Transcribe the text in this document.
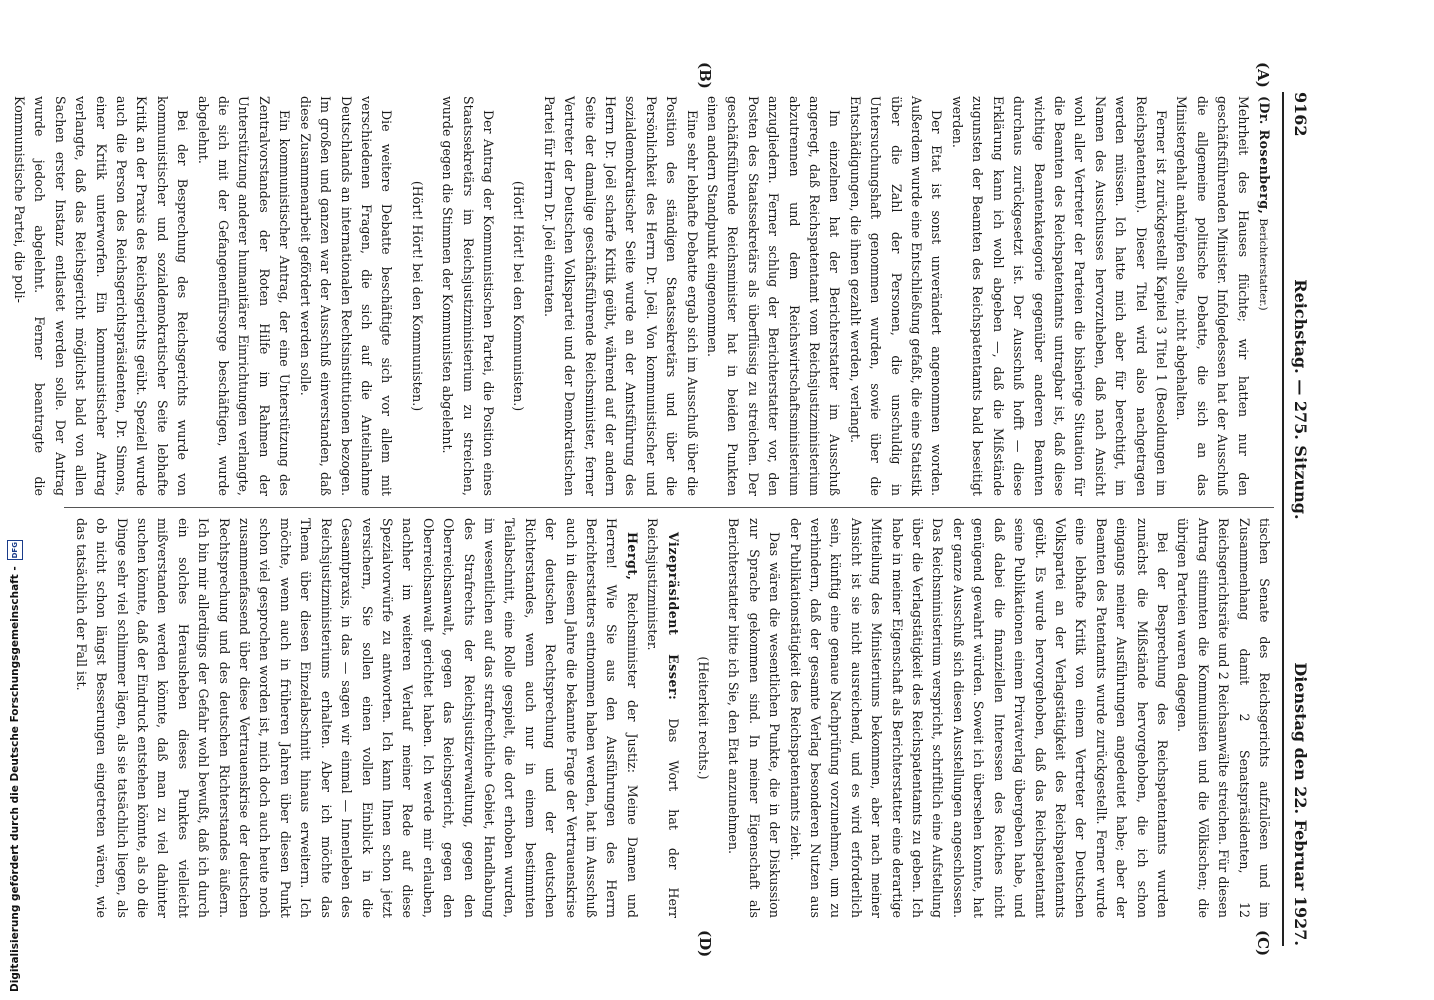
9162
Reichstag. — 275. Sitzung.
Dienstag den 22. Februar 1927.
(A)
(B)
(C)
(D)

(Dr. Rosenberg, Berichterstatter.)

Mehrheit des Hauses flüchte; wir hatten nur den geschäftsführenden Minister. Infolgedessen hat der Ausschuß die allgemeine politische Debatte, die sich an das Ministergehalt anknüpfen sollte, nicht abgehalten.

Ferner ist zurückgestellt Kapitel 3 Titel 1 (Besoldungen im Reichspatentamt). Dieser Titel wird also nachgetragen werden müssen. Ich hatte mich aber für berechtigt, im Namen des Ausschusses hervorzuheben, daß nach Ansicht wohl aller Vertreter der Parteien die bisherige Situation für die Beamten des Reichspatentamts untragbar ist, daß diese wichtige Beamtenkategorie gegenüber anderen Beamten durchaus zurückgesetzt ist. Der Ausschuß hofft — diese Erklärung kann ich wohl abgeben —, daß die Mißstände zugunsten der Beamten des Reichspatentamts bald beseitigt werden.

Der Etat ist sonst unverändert angenommen worden. Außerdem wurde eine Entschließung gefaßt, die eine Statistik über die Zahl der Personen, die unschuldig in Untersuchungshaft genommen wurden, sowie über die Entschädigungen, die ihnen gezahlt werden, verlangt.

Im einzelnen hat der Berichterstatter im Ausschuß angeregt, daß Reichspatentamt vom Reichsjustizministerium abzutrennen und dem Reichswirtschaftsministerium anzugliedern. Ferner schlug der Berichterstatter vor, den Posten des Staatssekretärs als überflüssig zu streichen. Der geschäftsführende Reichsminister hat in beiden Punkten einen andern Standpunkt eingenommen.

Eine sehr lebhafte Debatte ergab sich im Ausschuß über die Position des ständigen Staatssekretärs und über die Persönlichkeit des Herrn Dr. Joël. Von kommunistischer und sozialdemokratischer Seite wurde an der Amtsführung des Herrn Dr. Joël scharfe Kritik geübt, während auf der andern Seite der damalige geschäftsführende Reichsminister, ferner Vertreter der Deutschen Volkspartei und der Demokratischen Partei für Herrn Dr. Joël eintraten.

(Hört! Hört! bei den Kommunisten.)

Der Antrag der Kommunistischen Partei, die Position eines Staatssekretärs im Reichsjustizministerium zu streichen, wurde gegen die Stimmen der Kommunisten abgelehnt.

(Hört! Hört! bei den Kommunisten.)

Die weitere Debatte beschäftigte sich vor allem mit verschiedenen Fragen, die sich auf die Anteilnahme Deutschlands an internationalen Rechtsinstitutionen bezogen. Im großen und ganzen war der Ausschuß einverstanden, daß diese Zusammenarbeit gefördert werden solle.

Ein kommunistischer Antrag, der eine Unterstützung des Zentralvorstandes der Roten Hilfe im Rahmen der Unterstützung anderer humanitärer Einrichtungen verlangte, die sich mit der Gefangenenfürsorge beschäftigen, wurde abgelehnt.

Bei der Besprechung des Reichsgerichts wurde von kommunistischer und sozialdemokratischer Seite lebhafte Kritik an der Praxis des Reichsgerichts geübt. Speziell wurde auch die Person des Reichsgerichtspräsidenten, Dr. Simons, einer Kritik unterworfen. Ein kommunistischer Antrag verlangte, daß das Reichsgericht möglichst bald von allen Sachen erster Instanz entlastet werden solle. Der Antrag wurde jedoch abgelehnt. Ferner beantragte die Kommunistische Partei, die poli-

tischen Senate des Reichsgerichts aufzulösen und im Zusammenhang damit 2 Senatspräsidenten, 12 Reichsgerichtsräte und 2 Reichsanwälte streichen. Für diesen Antrag stimmten die Kommunisten und die Völkischen; die übrigen Parteien waren dagegen.

Bei der Besprechung des Reichspatentamts wurden zunächst die Mißstände hervorgehoben, die ich schon eingangs meiner Ausführungen angedeutet habe; aber der Beamten des Patentamts wurde zurückgestellt. Ferner wurde eine lebhafte Kritik von einem Vertreter der Deutschen Volkspartei an der Verlagstätigkeit des Reichspatentamts geübt. Es wurde hervorgehoben, daß das Reichspatentamt seine Publikationen einem Privatverlag übergeben habe, und daß dabei die finanziellen Interessen des Reiches nicht genügend gewahrt würden. Soweit ich übersehen konnte, hat der ganze Ausschuß sich diesen Ausstellungen angeschlossen. Das Reichsministerium verspricht, schriftlich eine Aufstellung über die Verlagstätigkeit des Reichspatentamts zu geben. Ich habe in meiner Eigenschaft als Berichterstatter eine derartige Mitteilung des Ministeriums bekommen, aber nach meiner Ansicht ist sie nicht ausreichend, und es wird erforderlich sein, künftig eine genaue Nachprüfung vorzunehmen, um zu verhindern, daß der gesamte Verlag besonderen Nutzen aus der Publikationstätigkeit des Reichspatentamts zieht.

Das wären die wesentlichen Punkte, die in der Diskussion zur Sprache gekommen sind. In meiner Eigenschaft als Berichterstatter bitte ich Sie, den Etat anzunehmen.

(Heiterkeit rechts.)

Vizepräsident Esser: Das Wort hat der Herr Reichsjustizminister.

Hergt, Reichsminister der Justiz: Meine Damen und Herren! Wie Sie aus den Ausführungen des Herrn Berichterstatters entnommen haben werden, hat im Ausschuß auch in diesem Jahre die bekannte Frage der Vertrauenskrise der deutschen Rechtsprechung und der deutschen Richterstandes, wenn auch nur in einem bestimmten Teilabschnitt, eine Rolle gespielt, die dort erhoben wurden, im wesentlichen auf das strafrechtliche Gebiet, Handhabung des Strafrechts der Reichsjustizverwaltung, gegen den Oberreichsanwalt, gegen das Reichsgericht, gegen den Oberreichsanwalt gerichtet haben. Ich werde mir erlauben, nachher im weiteren Verlauf meiner Rede auf diese Spezialvorwürfe zu antworten. Ich kann Ihnen schon jetzt versichern, Sie sollen einen vollen Einblick in die Gesamtpraxis, in das — sagen wir einmal — Innenleben des Reichsjustizministeriums erhalten. Aber ich möchte das Thema über diesen Einzelabschnitt hinaus erweitern. Ich möchte, wenn auch in früheren Jahren über diesen Punkt schon viel gesprochen worden ist, mich doch auch heute noch zusammenfassend über diese Vertrauenskrise der deutschen Rechtsprechung und des deutschen Richterstandes äußern. Ich bin mir allerdings der Gefahr wohl bewußt, daß ich durch ein solches Herausheben dieses Punktes vielleicht mißverstanden werden könnte, daß man zu viel dahinter suchen könnte, daß der Eindruck entstehen könnte, als ob die Dinge sehr viel schlimmer lägen, als sie tatsächlich liegen, als ob nicht schon längst Besserungen eingetreten wären, wie das tatsächlich der Fall ist.

Digitalisierung gefördert durch die Deutsche Forschungsgemeinschaft -
DFG
